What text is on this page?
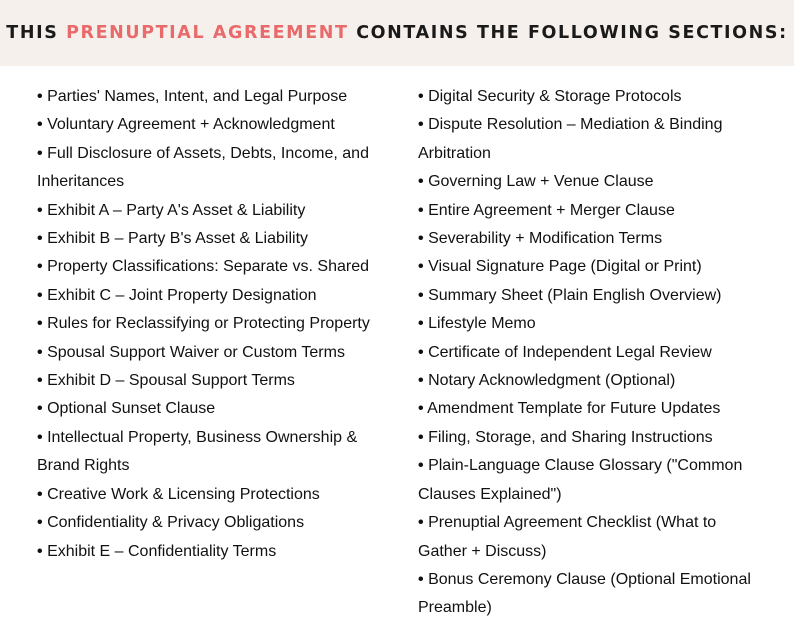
THIS PRENUPTIAL AGREEMENT CONTAINS THE FOLLOWING SECTIONS:
• Parties' Names, Intent, and Legal Purpose
• Voluntary Agreement + Acknowledgment
• Full Disclosure of Assets, Debts, Income, and Inheritances
• Exhibit A – Party A's Asset & Liability
• Exhibit B – Party B's Asset & Liability
• Property Classifications: Separate vs. Shared
• Exhibit C – Joint Property Designation
• Rules for Reclassifying or Protecting Property
• Spousal Support Waiver or Custom Terms
• Exhibit D – Spousal Support Terms
• Optional Sunset Clause
• Intellectual Property, Business Ownership & Brand Rights
• Creative Work & Licensing Protections
• Confidentiality & Privacy Obligations
• Exhibit E – Confidentiality Terms
• Digital Security & Storage Protocols
• Dispute Resolution – Mediation & Binding Arbitration
• Governing Law + Venue Clause
• Entire Agreement + Merger Clause
• Severability + Modification Terms
• Visual Signature Page (Digital or Print)
• Summary Sheet (Plain English Overview)
• Lifestyle Memo
• Certificate of Independent Legal Review
• Notary Acknowledgment (Optional)
• Amendment Template for Future Updates
• Filing, Storage, and Sharing Instructions
• Plain-Language Clause Glossary ("Common Clauses Explained")
• Prenuptial Agreement Checklist (What to Gather + Discuss)
• Bonus Ceremony Clause (Optional Emotional Preamble)
